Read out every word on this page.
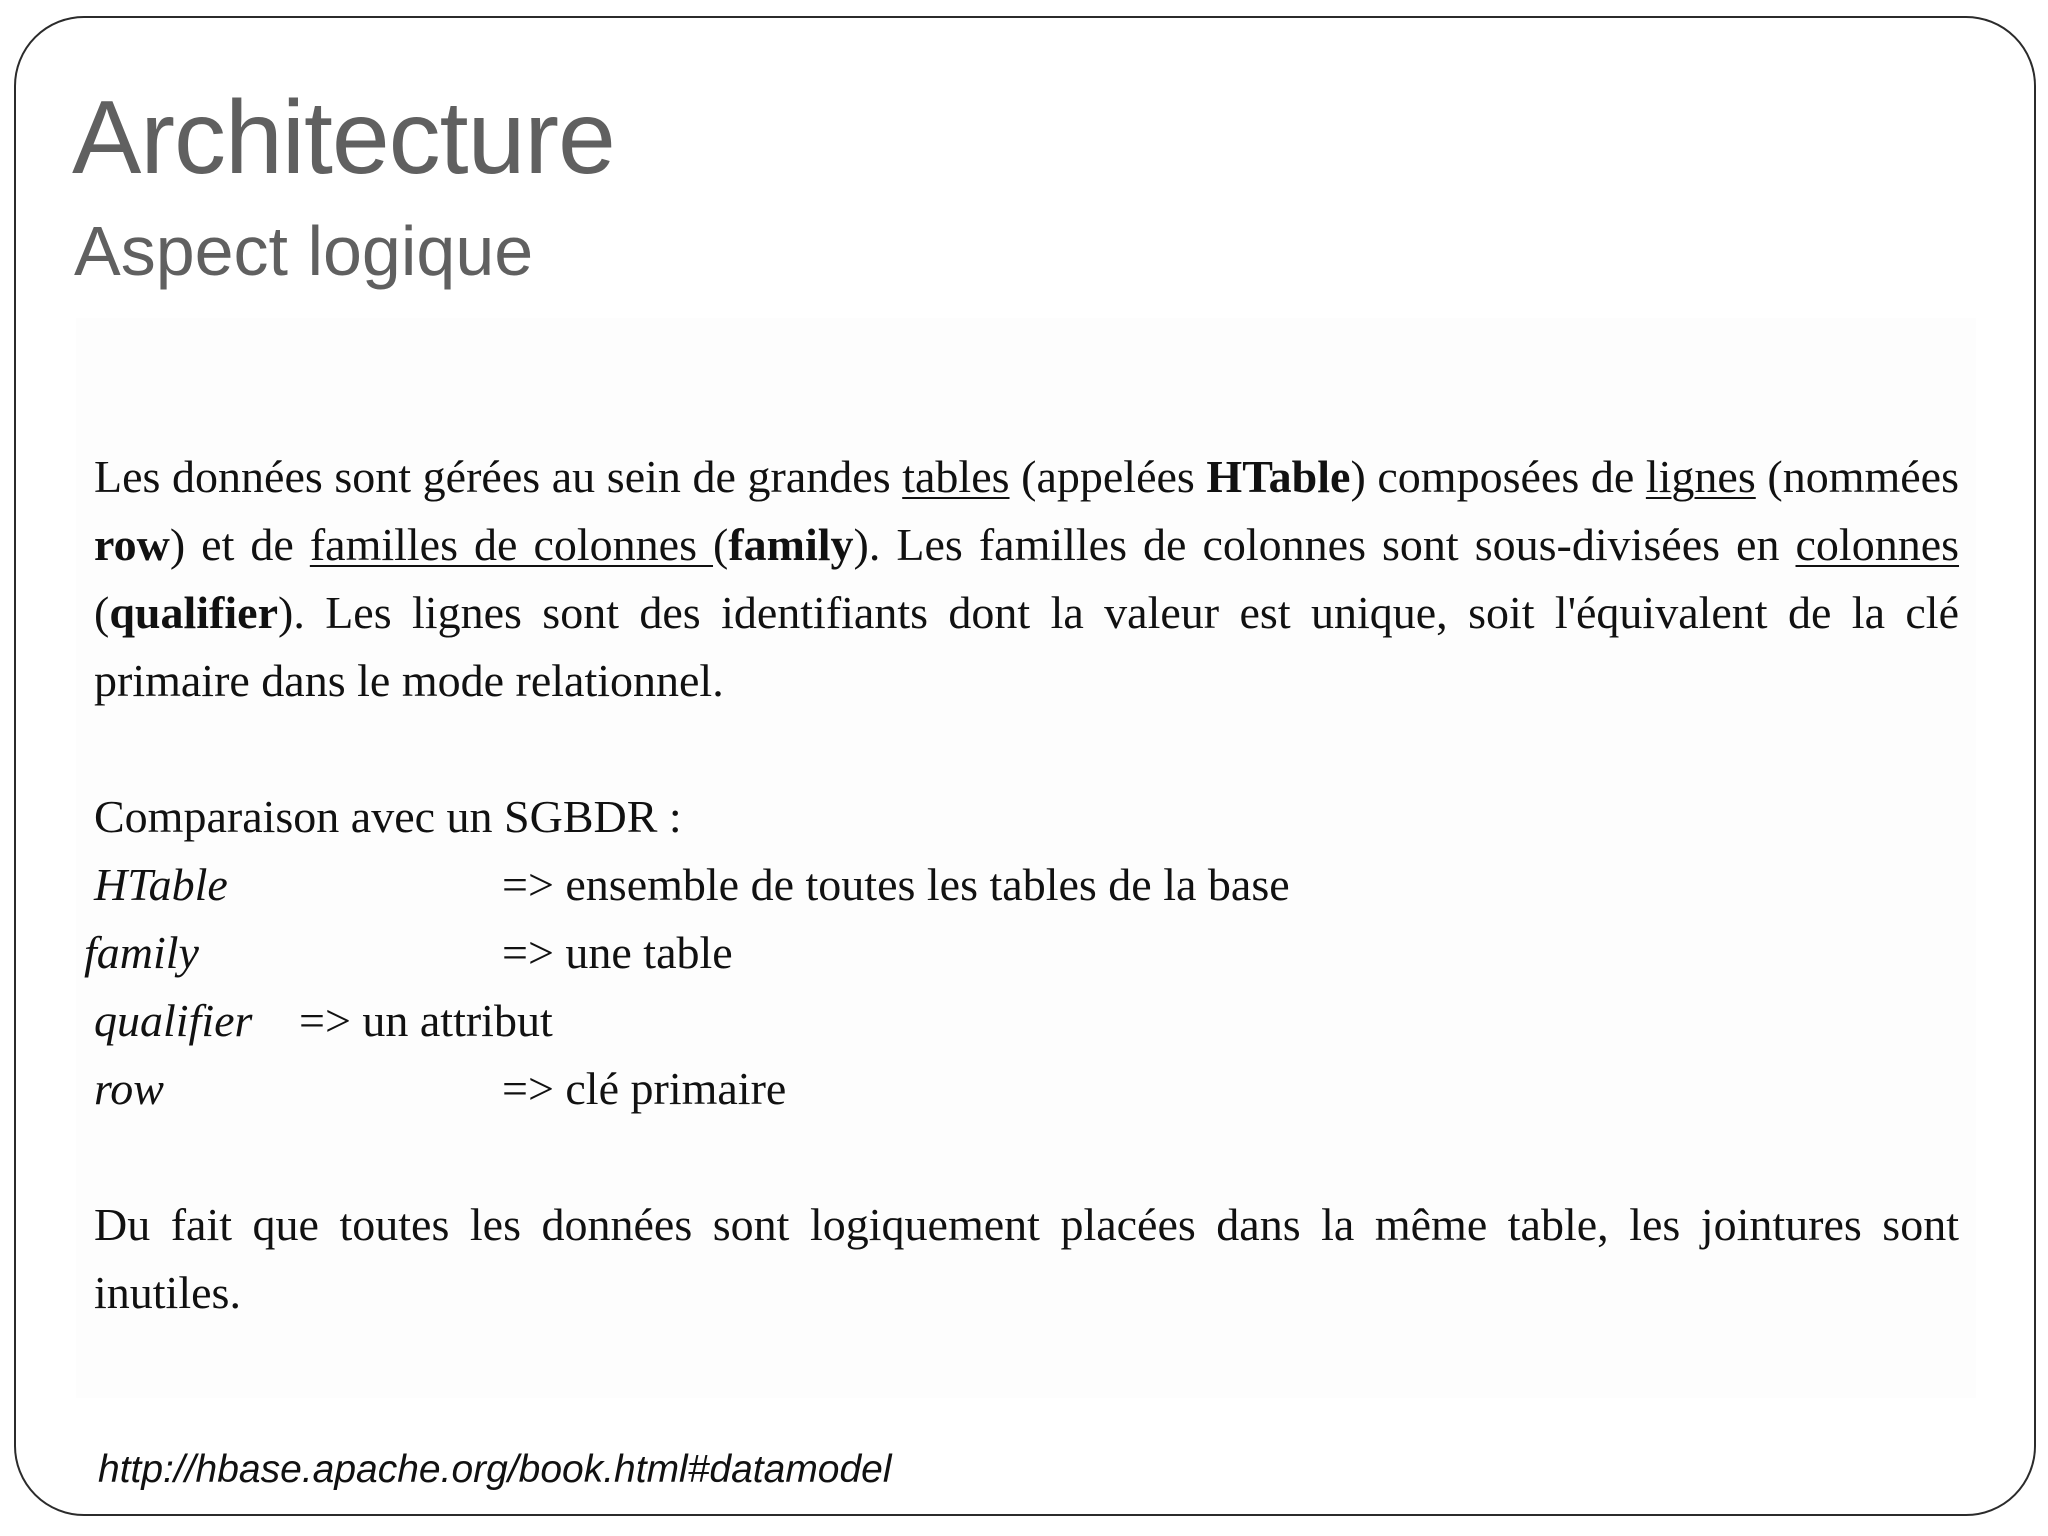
Architecture
Aspect logique

Les données sont gérées au sein de grandes tables (appelées HTable) composées de lignes (nommées row) et de familles de colonnes (family). Les familles de colonnes sont sous-divisées en colonnes (qualifier). Les lignes sont des identifiants dont la valeur est unique, soit l'équivalent de la clé primaire dans le mode relationnel.

Comparaison avec un SGBDR :

HTable	=> ensemble de toutes les tables de la base
family	=> une table
qualifier => un attribut
row	=> clé primaire

Du fait que toutes les données sont logiquement placées dans la même table, les jointures sont inutiles.

http://hbase.apache.org/book.html#datamodel
